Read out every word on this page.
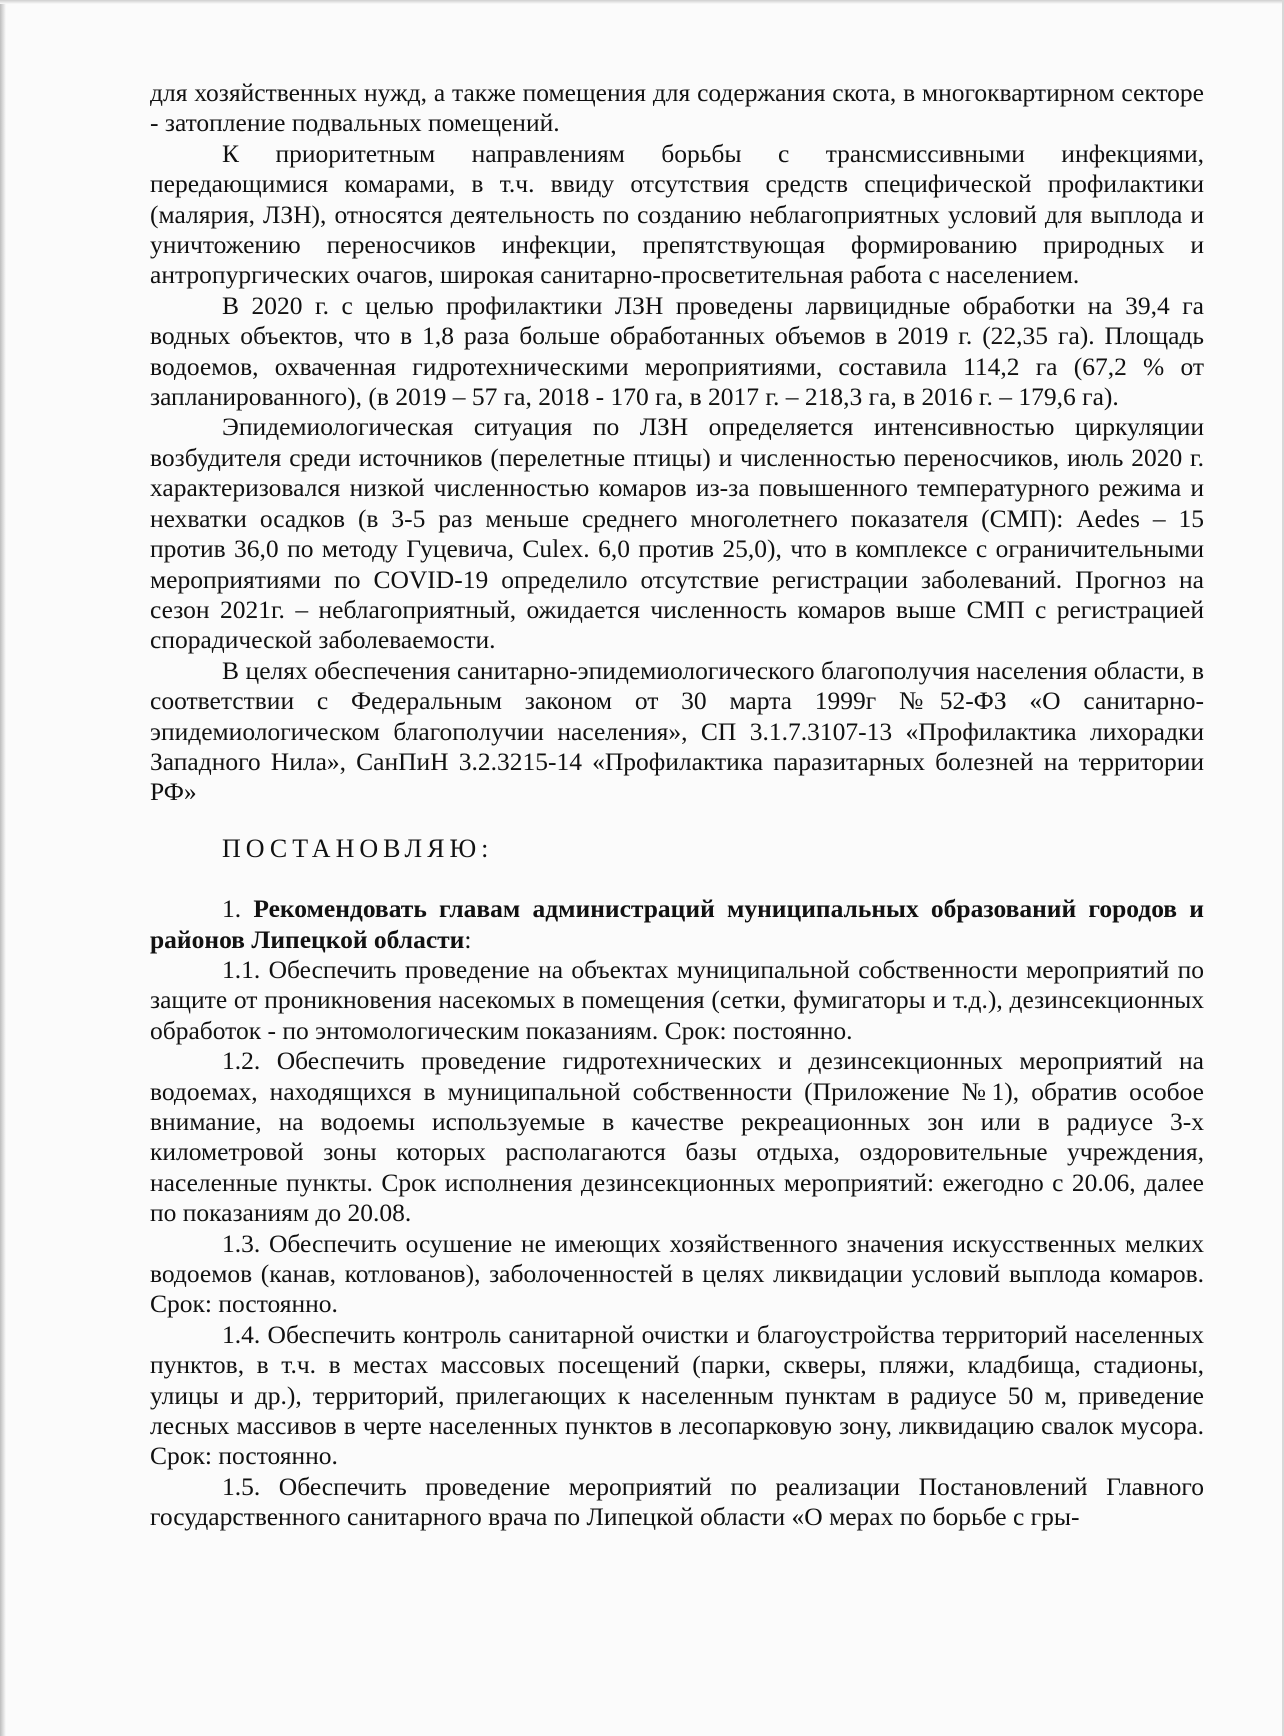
для хозяйственных нужд, а также помещения для содержания скота, в многоквартирном секторе - затопление подвальных помещений.

К приоритетным направлениям борьбы с трансмиссивными инфекциями, передающимися комарами, в т.ч. ввиду отсутствия средств специфической профилактики (малярия, ЛЗН), относятся деятельность по созданию неблагоприятных условий для выплода и уничтожению переносчиков инфекции, препятствующая формированию природных и антропургических очагов, широкая санитарно-просветительная работа с населением.

В 2020 г. с целью профилактики ЛЗН проведены ларвицидные обработки на 39,4 га водных объектов, что в 1,8 раза больше обработанных объемов в 2019 г. (22,35 га). Площадь водоемов, охваченная гидротехническими мероприятиями, составила 114,2 га (67,2 % от запланированного), (в 2019 – 57 га, 2018 - 170 га, в 2017 г. – 218,3 га, в 2016 г. – 179,6 га).

Эпидемиологическая ситуация по ЛЗН определяется интенсивностью циркуляции возбудителя среди источников (перелетные птицы) и численностью переносчиков, июль 2020 г. характеризовался низкой численностью комаров из-за повышенного температурного режима и нехватки осадков (в 3-5 раз меньше среднего многолетнего показателя (СМП): Aedes – 15 против 36,0 по методу Гуцевича, Culex. 6,0 против 25,0), что в комплексе с ограничительными мероприятиями по COVID-19 определило отсутствие регистрации заболеваний. Прогноз на сезон 2021г. – неблагоприятный, ожидается численность комаров выше СМП с регистрацией спорадической заболеваемости.

В целях обеспечения санитарно-эпидемиологического благополучия населения области, в соответствии с Федеральным законом от 30 марта 1999г №52-ФЗ «О санитарно-эпидемиологическом благополучии населения», СП 3.1.7.3107-13 «Профилактика лихорадки Западного Нила», СанПиН 3.2.3215-14 «Профилактика паразитарных болезней на территории РФ»

ПОСТАНОВЛЯЮ:

1. Рекомендовать главам администраций муниципальных образований городов и районов Липецкой области:

1.1. Обеспечить проведение на объектах муниципальной собственности мероприятий по защите от проникновения насекомых в помещения (сетки, фумигаторы и т.д.), дезинсекционных обработок - по энтомологическим показаниям. Срок: постоянно.

1.2. Обеспечить проведение гидротехнических и дезинсекционных мероприятий на водоемах, находящихся в муниципальной собственности (Приложение №1), обратив особое внимание, на водоемы используемые в качестве рекреационных зон или в радиусе 3-х километровой зоны которых располагаются базы отдыха, оздоровительные учреждения, населенные пункты. Срок исполнения дезинсекционных мероприятий: ежегодно с 20.06, далее по показаниям до 20.08.

1.3. Обеспечить осушение не имеющих хозяйственного значения искусственных мелких водоемов (канав, котлованов), заболоченностей в целях ликвидации условий выплода комаров. Срок: постоянно.

1.4. Обеспечить контроль санитарной очистки и благоустройства территорий населенных пунктов, в т.ч. в местах массовых посещений (парки, скверы, пляжи, кладбища, стадионы, улицы и др.), территорий, прилегающих к населенным пунктам в радиусе 50 м, приведение лесных массивов в черте населенных пунктов в лесопарковую зону, ликвидацию свалок мусора. Срок: постоянно.

1.5. Обеспечить проведение мероприятий по реализации Постановлений Главного государственного санитарного врача по Липецкой области «О мерах по борьбе с гры-
